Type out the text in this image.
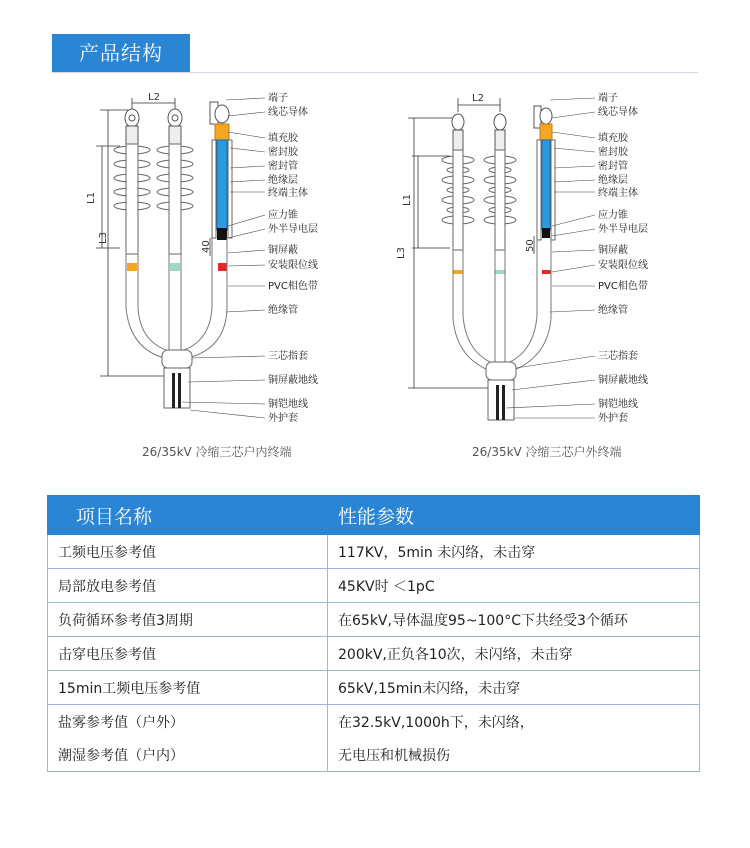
产品结构
L2
L1
L3
40
端子
线芯导体
填充胶
密封胶
密封管
绝缘层
终端主体
应力锥
外半导电层
铜屏蔽
安装限位线
PVC相色带
绝缘管
三芯指套
铜屏蔽地线
铜铠地线
外护套
26/35kV 冷缩三芯户内终端
L2
L1
L3
50
端子
线芯导体
填充胶
密封胶
密封管
绝缘层
终端主体
应力锥
外半导电层
铜屏蔽
安装限位线
PVC相色带
绝缘管
三芯指套
铜屏蔽地线
铜铠地线
外护套
26/35kV 冷缩三芯户外终端
项目名称	性能参数
工频电压参考值	117KV，5min 未闪络，未击穿
局部放电参考值	45KV时 ＜1pC
负荷循环参考值3周期	在65kV,导体温度95~100°C下共经受3个循环
击穿电压参考值	200kV,正负各10次，未闪络，未击穿
15min工频电压参考值	65kV,15min未闪络，未击穿
盐雾参考值（户外）	在32.5kV,1000h下，未闪络，
潮湿参考值（户内）	无电压和机械损伤
